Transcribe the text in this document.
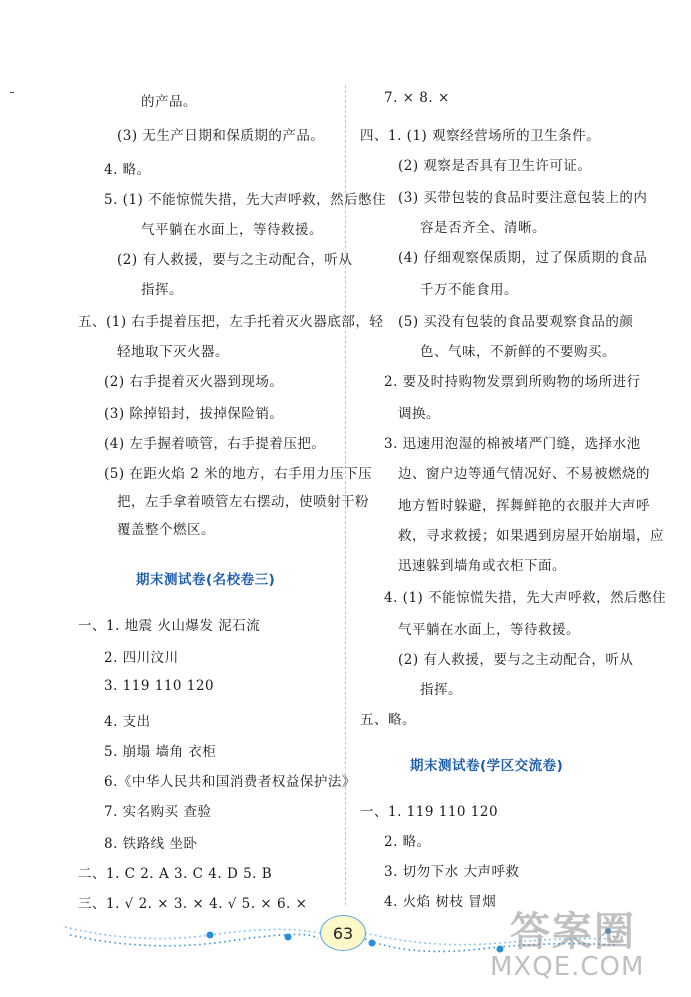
的产品。
(3) 无生产日期和保质期的产品。
4. 略。
5. (1) 不能惊慌失措，先大声呼救，然后憋住
气平躺在水面上，等待救援。
(2) 有人救援，要与之主动配合，听从
指挥。
五、(1) 右手提着压把，左手托着灭火器底部，轻
轻地取下灭火器。
(2) 右手提着灭火器到现场。
(3) 除掉铅封，拔掉保险销。
(4) 左手握着喷管，右手提着压把。
(5) 在距火焰 2 米的地方，右手用力压下压
把，左手拿着喷管左右摆动，使喷射干粉
覆盖整个燃区。
期末测试卷(名校卷三)
一、1. 地震 火山爆发 泥石流
2. 四川汶川
3. 119 110 120
4. 支出
5. 崩塌 墙角 衣柜
6.《中华人民共和国消费者权益保护法》
7. 实名购买 查验
8. 铁路线 坐卧
二、1. C 2. A 3. C 4. D 5. B
三、1. √ 2. × 3. × 4. √ 5. × 6. ×
7. × 8. ×
四、1. (1) 观察经营场所的卫生条件。
(2) 观察是否具有卫生许可证。
(3) 买带包装的食品时要注意包装上的内
容是否齐全、清晰。
(4) 仔细观察保质期，过了保质期的食品
千万不能食用。
(5) 买没有包装的食品要观察食品的颜
色、气味，不新鲜的不要购买。
2. 要及时持购物发票到所购物的场所进行
调换。
3. 迅速用泡湿的棉被堵严门缝，选择水池
边、窗户边等通气情况好、不易被燃烧的
地方暂时躲避，挥舞鲜艳的衣服并大声呼
救，寻求救援；如果遇到房屋开始崩塌，应
迅速躲到墙角或衣柜下面。
4. (1) 不能惊慌失措，先大声呼救，然后憋住
气平躺在水面上，等待救援。
(2) 有人救援，要与之主动配合，听从
指挥。
五、略。
期末测试卷(学区交流卷)
一、1. 119 110 120
2. 略。
3. 切勿下水 大声呼救
4. 火焰 树枝 冒烟
63	答案圈
MXQE.COM
